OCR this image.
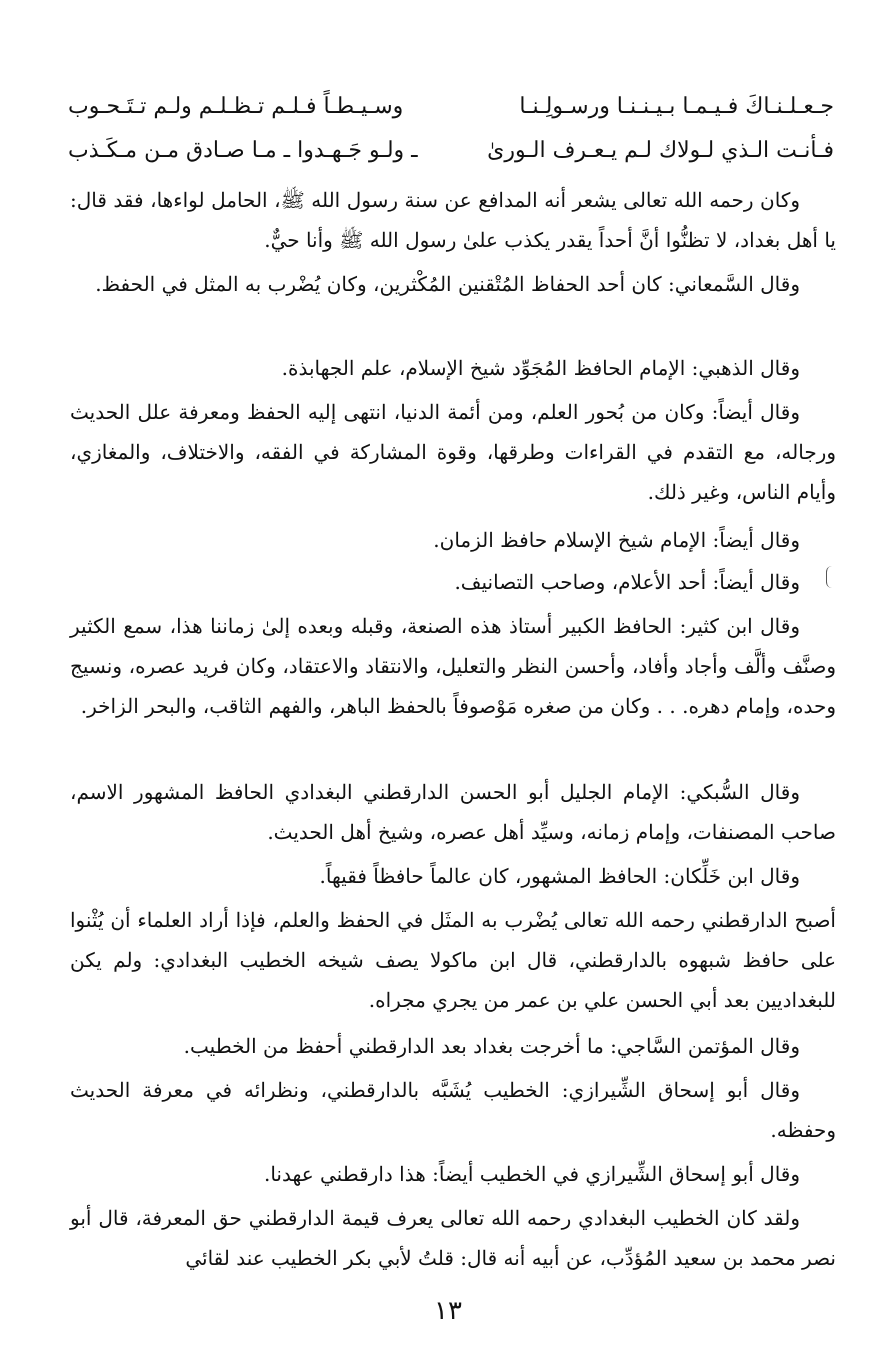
جـعـلـنـاكَ فـيـمـا بـيـنـنـا ورسـولِـنـا
وسـيـطـاً فـلـم تـظـلـم ولـم تـتَـحـوب
فـأنـت الـذي لـولاك لـم يـعـرف الـورىٰ
ـ ولـو جَـهـدوا ـ مـا صـادق مـن مـكَـذب

وكان رحمه الله تعالى يشعر أنه المدافع عن سنة رسول الله ﷺ، الحامل لواءها، فقد قال: يا أهل بغداد، لا تظنُّوا أنَّ أحداً يقدر يكذب علىٰ رسول الله ﷺ وأنا حيٌّ.

وقال السَّمعاني: كان أحد الحفاظ المُتْقنين المُكْثرين، وكان يُضْرب به المثل في الحفظ.

وقال الذهبي: الإمام الحافظ المُجَوِّد شيخ الإسلام، علم الجهابذة.

وقال أيضاً: وكان من بُحور العلم، ومن أئمة الدنيا، انتهى إليه الحفظ ومعرفة علل الحديث ورجاله، مع التقدم في القراءات وطرقها، وقوة المشاركة في الفقه، والاختلاف، والمغازي، وأيام الناس، وغير ذلك.

وقال أيضاً: الإمام شيخ الإسلام حافظ الزمان.

وقال أيضاً: أحد الأعلام، وصاحب التصانيف.

وقال ابن كثير: الحافظ الكبير أستاذ هذه الصنعة، وقبله وبعده إلىٰ زماننا هذا، سمع الكثير وصنَّف وألَّف وأجاد وأفاد، وأحسن النظر والتعليل، والانتقاد والاعتقاد، وكان فريد عصره، ونسيج وحده، وإمام دهره. . . وكان من صغره مَوْصوفاً بالحفظ الباهر، والفهم الثاقب، والبحر الزاخر.

وقال السُّبكي: الإمام الجليل أبو الحسن الدارقطني البغدادي الحافظ المشهور الاسم، صاحب المصنفات، وإمام زمانه، وسيِّد أهل عصره، وشيخ أهل الحديث.

وقال ابن خَلِّكان: الحافظ المشهور، كان عالماً حافظاً فقيهاً.

أصبح الدارقطني رحمه الله تعالى يُضْرب به المثَل في الحفظ والعلم، فإذا أراد العلماء أن يُثْنوا على حافظ شبهوه بالدارقطني، قال ابن ماكولا يصف شيخه الخطيب البغدادي: ولم يكن للبغداديين بعد أبي الحسن علي بن عمر من يجري مجراه.

وقال المؤتمن السَّاجي: ما أخرجت بغداد بعد الدارقطني أحفظ من الخطيب.

وقال أبو إسحاق الشِّيرازي: الخطيب يُشَبَّه بالدارقطني، ونظرائه في معرفة الحديث وحفظه.

وقال أبو إسحاق الشِّيرازي في الخطيب أيضاً: هذا دارقطني عهدنا.

ولقد كان الخطيب البغدادي رحمه الله تعالى يعرف قيمة الدارقطني حق المعرفة، قال أبو نصر محمد بن سعيد المُؤدِّب، عن أبيه أنه قال: قلتُ لأبي بكر الخطيب عند لقائي

١٣
